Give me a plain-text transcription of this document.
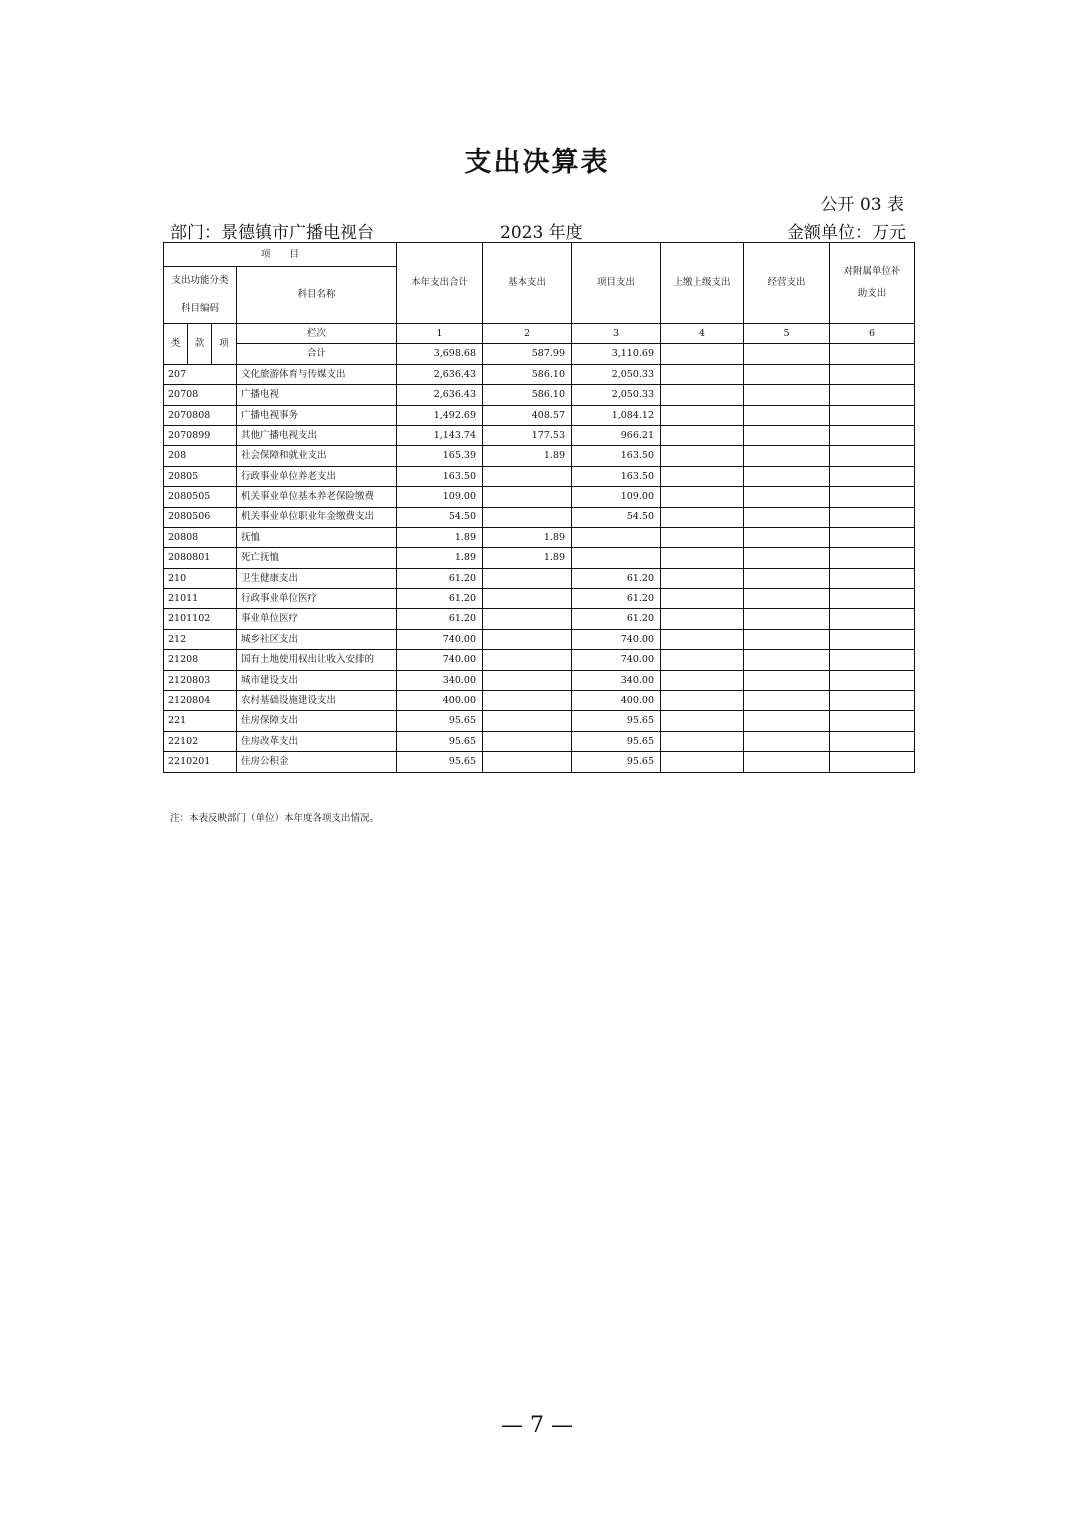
支出决算表
公开 03 表
部门：景德镇市广播电视台	2023 年度	金额单位：万元
项　　目				本年支出合计	基本支出	项目支出	上缴上级支出	经营支出	对附属单位补助支出
支出功能分类			科目名称						
科目编码									
类	款	项	栏次	1	2	3	4	5	6
			合计	3,698.68	587.99	3,110.69			
207			文化旅游体育与传媒支出	2,636.43	586.10	2,050.33			
20708			广播电视	2,636.43	586.10	2,050.33			
2070808			广播电视事务	1,492.69	408.57	1,084.12			
2070899			其他广播电视支出	1,143.74	177.53	966.21			
208			社会保障和就业支出	165.39	1.89	163.50			
20805			行政事业单位养老支出	163.50		163.50			
2080505			机关事业单位基本养老保险缴费	109.00		109.00			
2080506			机关事业单位职业年金缴费支出	54.50		54.50			
20808			抚恤	1.89	1.89				
2080801			死亡抚恤	1.89	1.89				
210			卫生健康支出	61.20		61.20			
21011			行政事业单位医疗	61.20		61.20			
2101102			事业单位医疗	61.20		61.20			
212			城乡社区支出	740.00		740.00			
21208			国有土地使用权出让收入安排的	740.00		740.00			
2120803			城市建设支出	340.00		340.00			
2120804			农村基础设施建设支出	400.00		400.00			
221			住房保障支出	95.65		95.65			
22102			住房改革支出	95.65		95.65			
2210201			住房公积金	95.65		95.65			
注：本表反映部门（单位）本年度各项支出情况。
— 7 —
